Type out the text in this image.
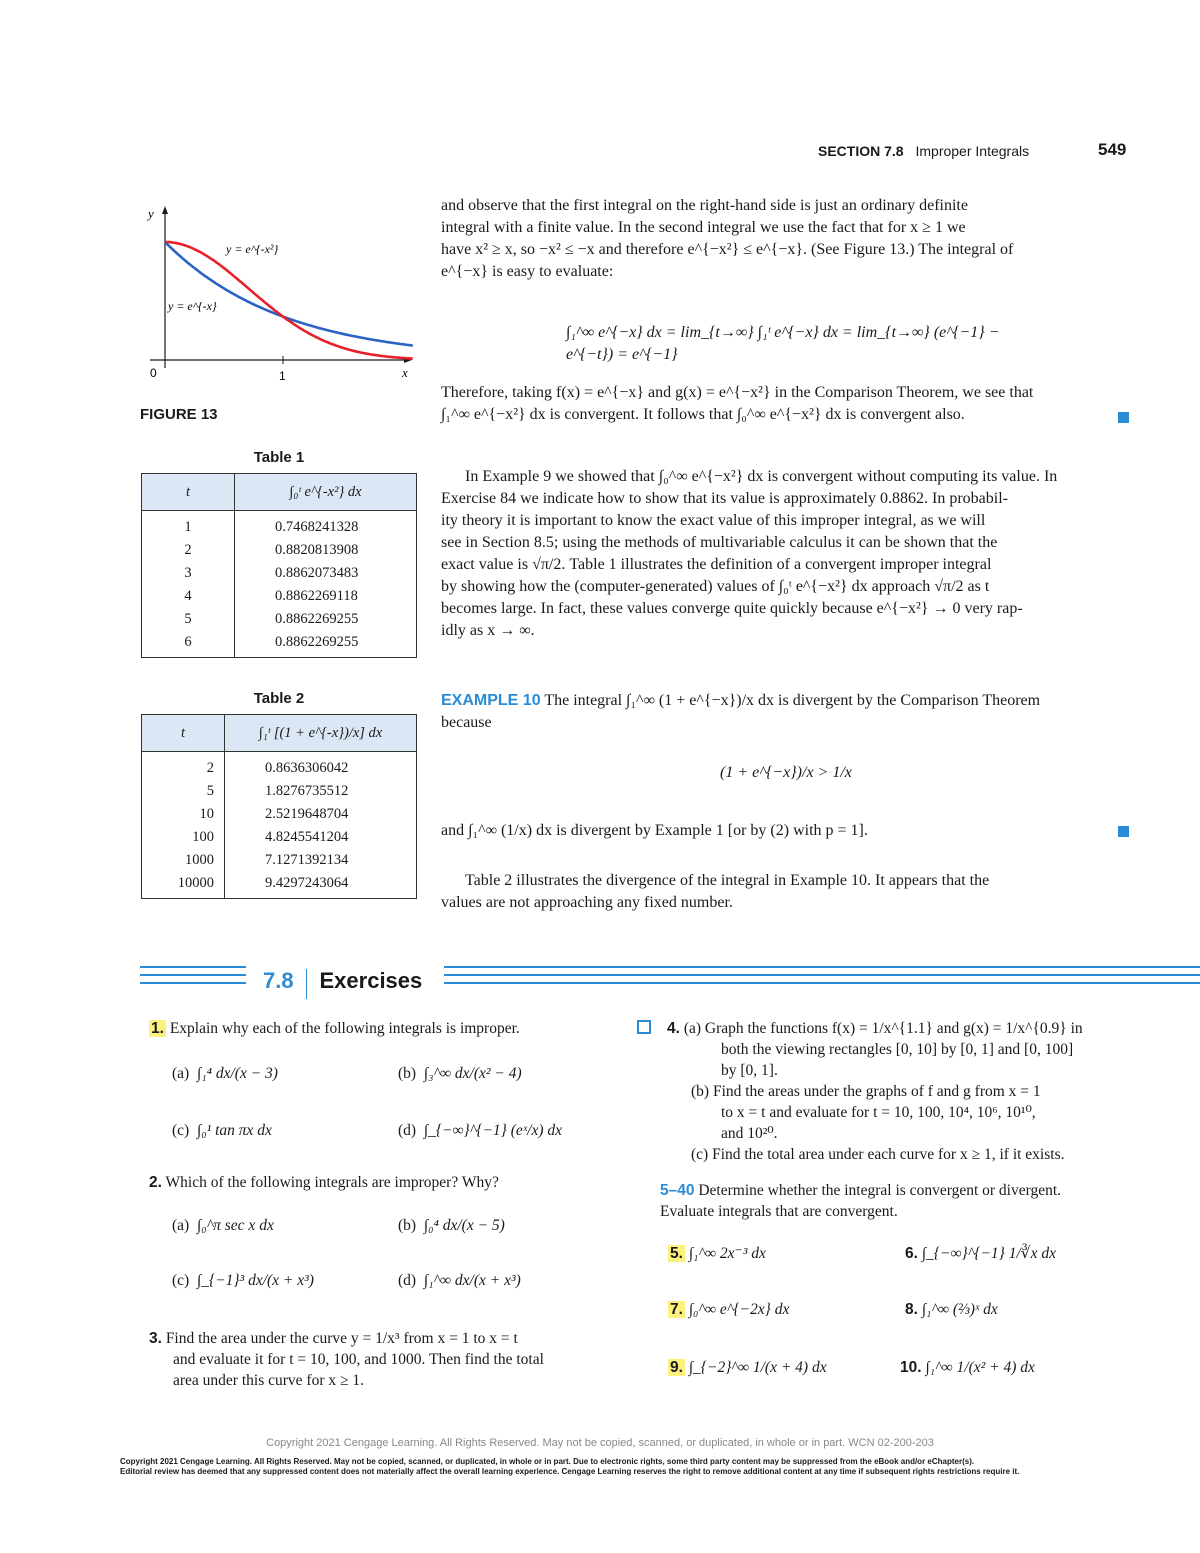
SECTION 7.8 Improper Integrals	549
y
x
0	1
y = e^{-x²}
y = e^{-x}
FIGURE 13
Table 1
t	∫₀ᵗ e^{-x²} dx
1	0.7468241328
2	0.8820813908
3	0.8862073483
4	0.8862269118
5	0.8862269255
6	0.8862269255
Table 2
t	∫₁ᵗ [(1 + e^{-x})/x] dx
2	0.8636306042
5	1.8276735512
10	2.5219648704
100	4.8245541204
1000	7.1271392134
10000	9.4297243064
and observe that the first integral on the right-hand side is just an ordinary definite
integral with a finite value. In the second integral we use the fact that for x ≥ 1 we
have x² ≥ x, so −x² ≤ −x and therefore e^{−x²} ≤ e^{−x}. (See Figure 13.) The integral of
e^{−x} is easy to evaluate:
∫₁^∞ e^{−x} dx = lim_{t→∞} ∫₁ᵗ e^{−x} dx = lim_{t→∞} (e^{−1} − e^{−t}) = e^{−1}
Therefore, taking f(x) = e^{−x} and g(x) = e^{−x²} in the Comparison Theorem, we see that
∫₁^∞ e^{−x²} dx is convergent. It follows that ∫₀^∞ e^{−x²} dx is convergent also.
In Example 9 we showed that ∫₀^∞ e^{−x²} dx is convergent without computing its value. In
Exercise 84 we indicate how to show that its value is approximately 0.8862. In probabil-
ity theory it is important to know the exact value of this improper integral, as we will
see in Section 8.5; using the methods of multivariable calculus it can be shown that the
exact value is √π/2. Table 1 illustrates the definition of a convergent improper integral
by showing how the (computer-generated) values of ∫₀ᵗ e^{−x²} dx approach √π/2 as t
becomes large. In fact, these values converge quite quickly because e^{−x²} → 0 very rap-
idly as x → ∞.
EXAMPLE 10 The integral ∫₁^∞ (1 + e^{−x})/x dx is divergent by the Comparison Theorem
because
(1 + e^{−x})/x > 1/x
and ∫₁^∞ (1/x) dx is divergent by Example 1 [or by (2) with p = 1].
Table 2 illustrates the divergence of the integral in Example 10. It appears that the
values are not approaching any fixed number.
7.8 Exercises
1. Explain why each of the following integrals is improper.
(a) ∫₁⁴ dx/(x − 3)	(b) ∫₃^∞ dx/(x² − 4)
(c) ∫₀¹ tan πx dx	(d) ∫_{−∞}^{−1} (eˣ/x) dx
2. Which of the following integrals are improper? Why?
(a) ∫₀^π sec x dx	(b) ∫₀⁴ dx/(x − 5)
(c) ∫_{−1}³ dx/(x + x³)	(d) ∫₁^∞ dx/(x + x³)
3. Find the area under the curve y = 1/x³ from x = 1 to x = t
and evaluate it for t = 10, 100, and 1000. Then find the total
area under this curve for x ≥ 1.
4. (a) Graph the functions f(x) = 1/x^{1.1} and g(x) = 1/x^{0.9} in
both the viewing rectangles [0, 10] by [0, 1] and [0, 100]
by [0, 1].
(b) Find the areas under the graphs of f and g from x = 1
to x = t and evaluate for t = 10, 100, 10⁴, 10⁶, 10¹⁰,
and 10²⁰.
(c) Find the total area under each curve for x ≥ 1, if it exists.
5–40 Determine whether the integral is convergent or divergent.
Evaluate integrals that are convergent.
5. ∫₁^∞ 2x⁻³ dx	6. ∫_{−∞}^{−1} 1/∛x dx
7. ∫₀^∞ e^{−2x} dx	8. ∫₁^∞ (⅔)ˣ dx
9. ∫_{−2}^∞ 1/(x + 4) dx	10. ∫₁^∞ 1/(x² + 4) dx
Copyright 2021 Cengage Learning. All Rights Reserved. May not be copied, scanned, or duplicated, in whole or in part. WCN 02-200-203
Copyright 2021 Cengage Learning. All Rights Reserved. May not be copied, scanned, or duplicated, in whole or in part. Due to electronic rights, some third party content may be suppressed from the eBook and/or eChapter(s).
Editorial review has deemed that any suppressed content does not materially affect the overall learning experience. Cengage Learning reserves the right to remove additional content at any time if subsequent rights restrictions require it.
